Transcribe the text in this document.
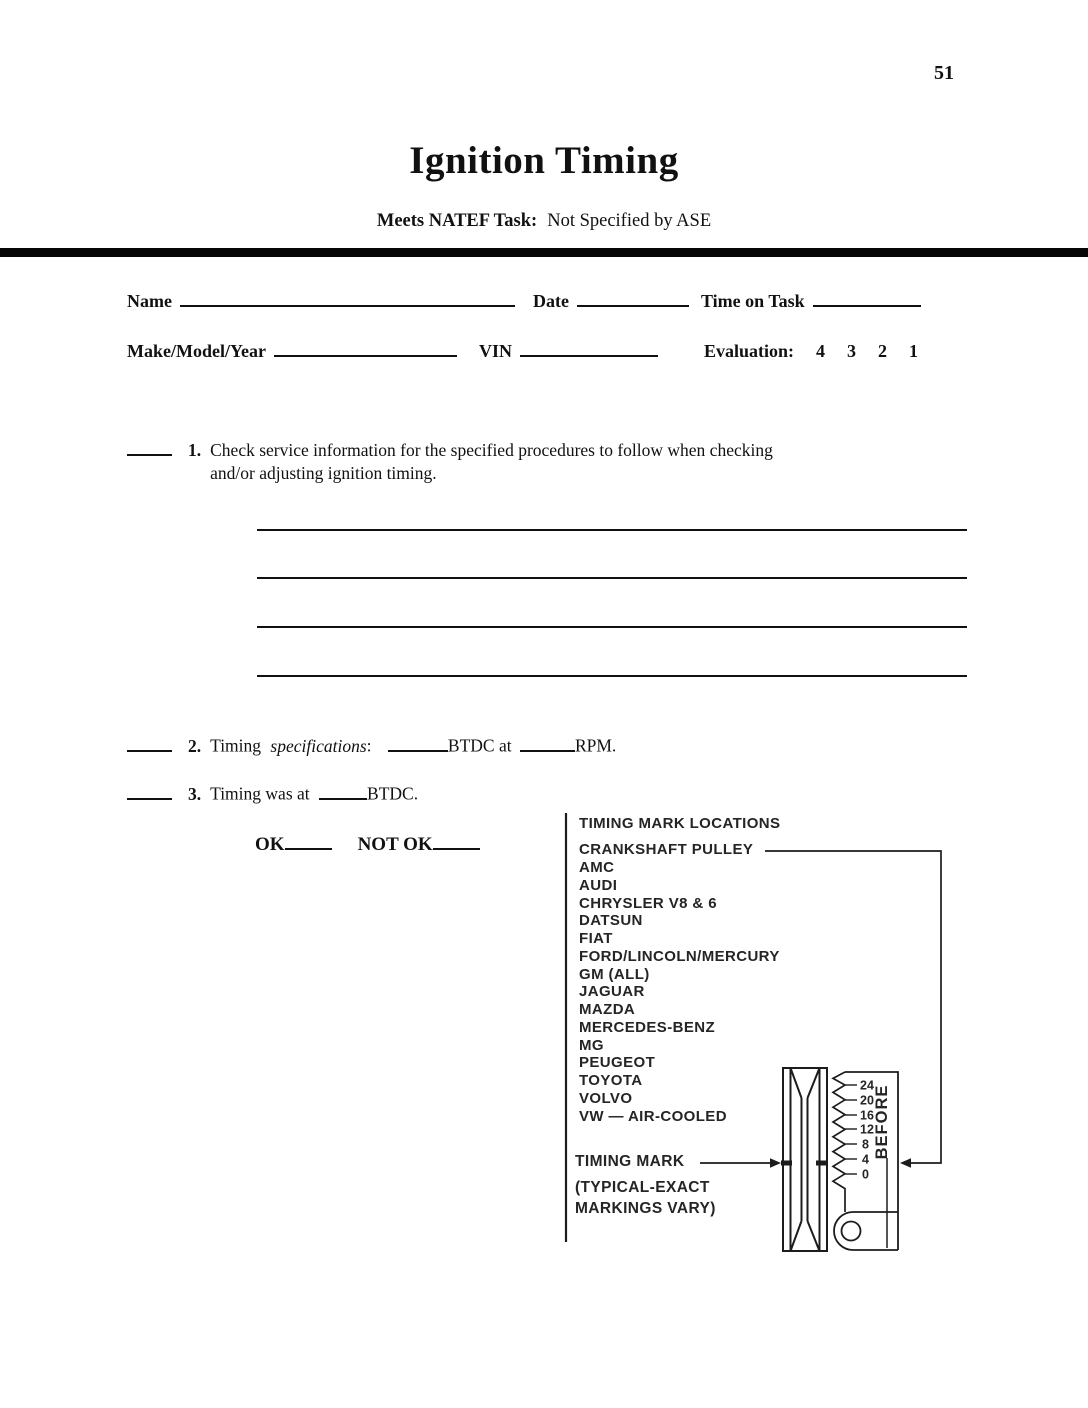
51
Ignition Timing
Meets NATEF Task: Not Specified by ASE
Name	Date	Time on Task
Make/Model/Year	VIN	Evaluation: 4 3 2 1
1. Check service information for the specified procedures to follow when checking
and/or adjusting ignition timing.
2. Timing specifications:	BTDC at	RPM.
3. Timing was at	BTDC.
OK	NOT OK
TIMING MARK LOCATIONS
CRANKSHAFT PULLEY
AMC
AUDI
CHRYSLER V8 & 6
DATSUN
FIAT
FORD/LINCOLN/MERCURY
GM (ALL)
JAGUAR
MAZDA
MERCEDES-BENZ
MG
PEUGEOT
TOYOTA
VOLVO
VW — AIR-COOLED
TIMING MARK
(TYPICAL-EXACT
MARKINGS VARY)
24
20
16
12
8
4
0
BEFORE
